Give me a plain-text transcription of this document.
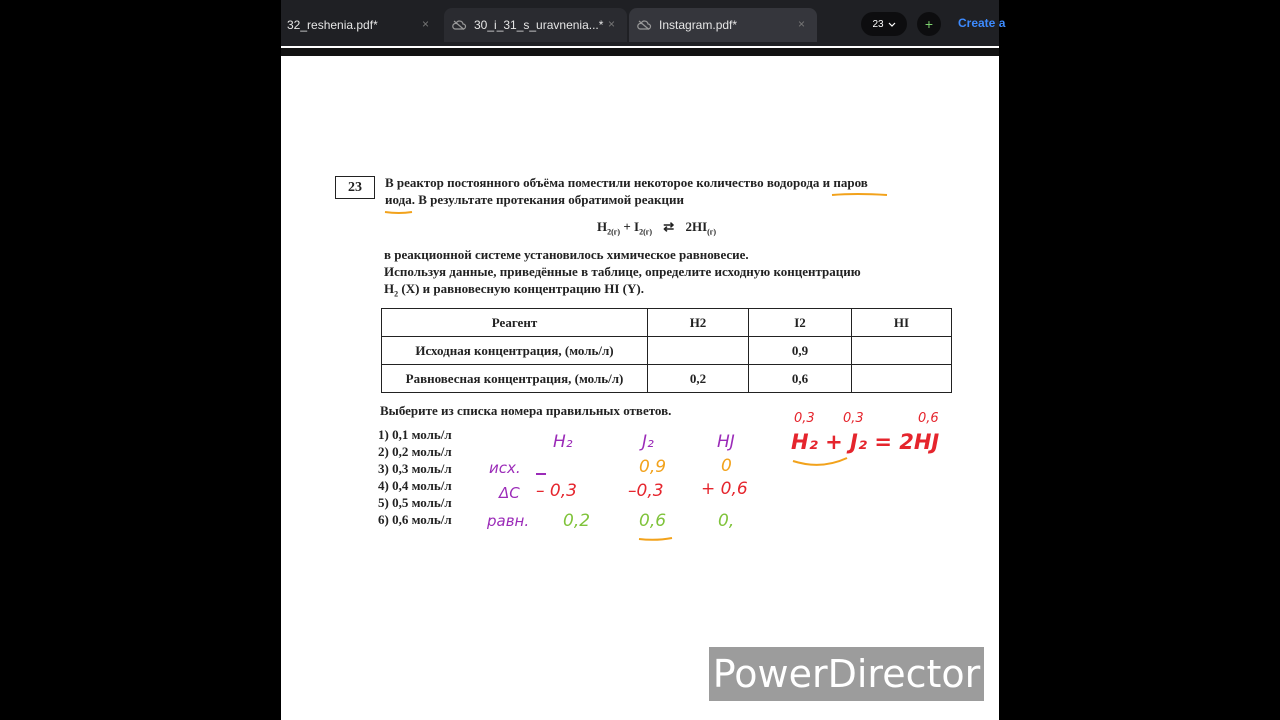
32_reshenia.pdf*	×	30_i_31_s_uravnenia...* ×	Instagram.pdf*	×	23	+	Create a
23	В реактор постоянного объёма поместили некоторое количество водорода и паров
иода. В результате протекания обратимой реакции
$H_{2(г)} + I_{2(г)}$ ⇄ $2HI_{(г)}$
в реакционной системе установилось химическое равновесие.
Используя данные, приведённые в таблице, определите исходную концентрацию
$H_2$ (X) и равновесную концентрацию HI (Y).
Реагент	H2	I2	HI
Исходная концентрация, (моль/л)		0,9	
Равновесная концентрация, (моль/л)	0,2	0,6	
Выберите из списка номера правильных ответов.
1) 0,1 моль/л
2) 0,2 моль/л
3) 0,3 моль/л
4) 0,4 моль/л
5) 0,5 моль/л
6) 0,6 моль/л
H₂	J₂	HJ
исх.
ΔC
равн.
0,9	0
– 0,3	–0,3 + 0,6
0,2	0,6	0,
0,3 0,3	0,6
H₂ + J₂ = 2HJ
PowerDirector
